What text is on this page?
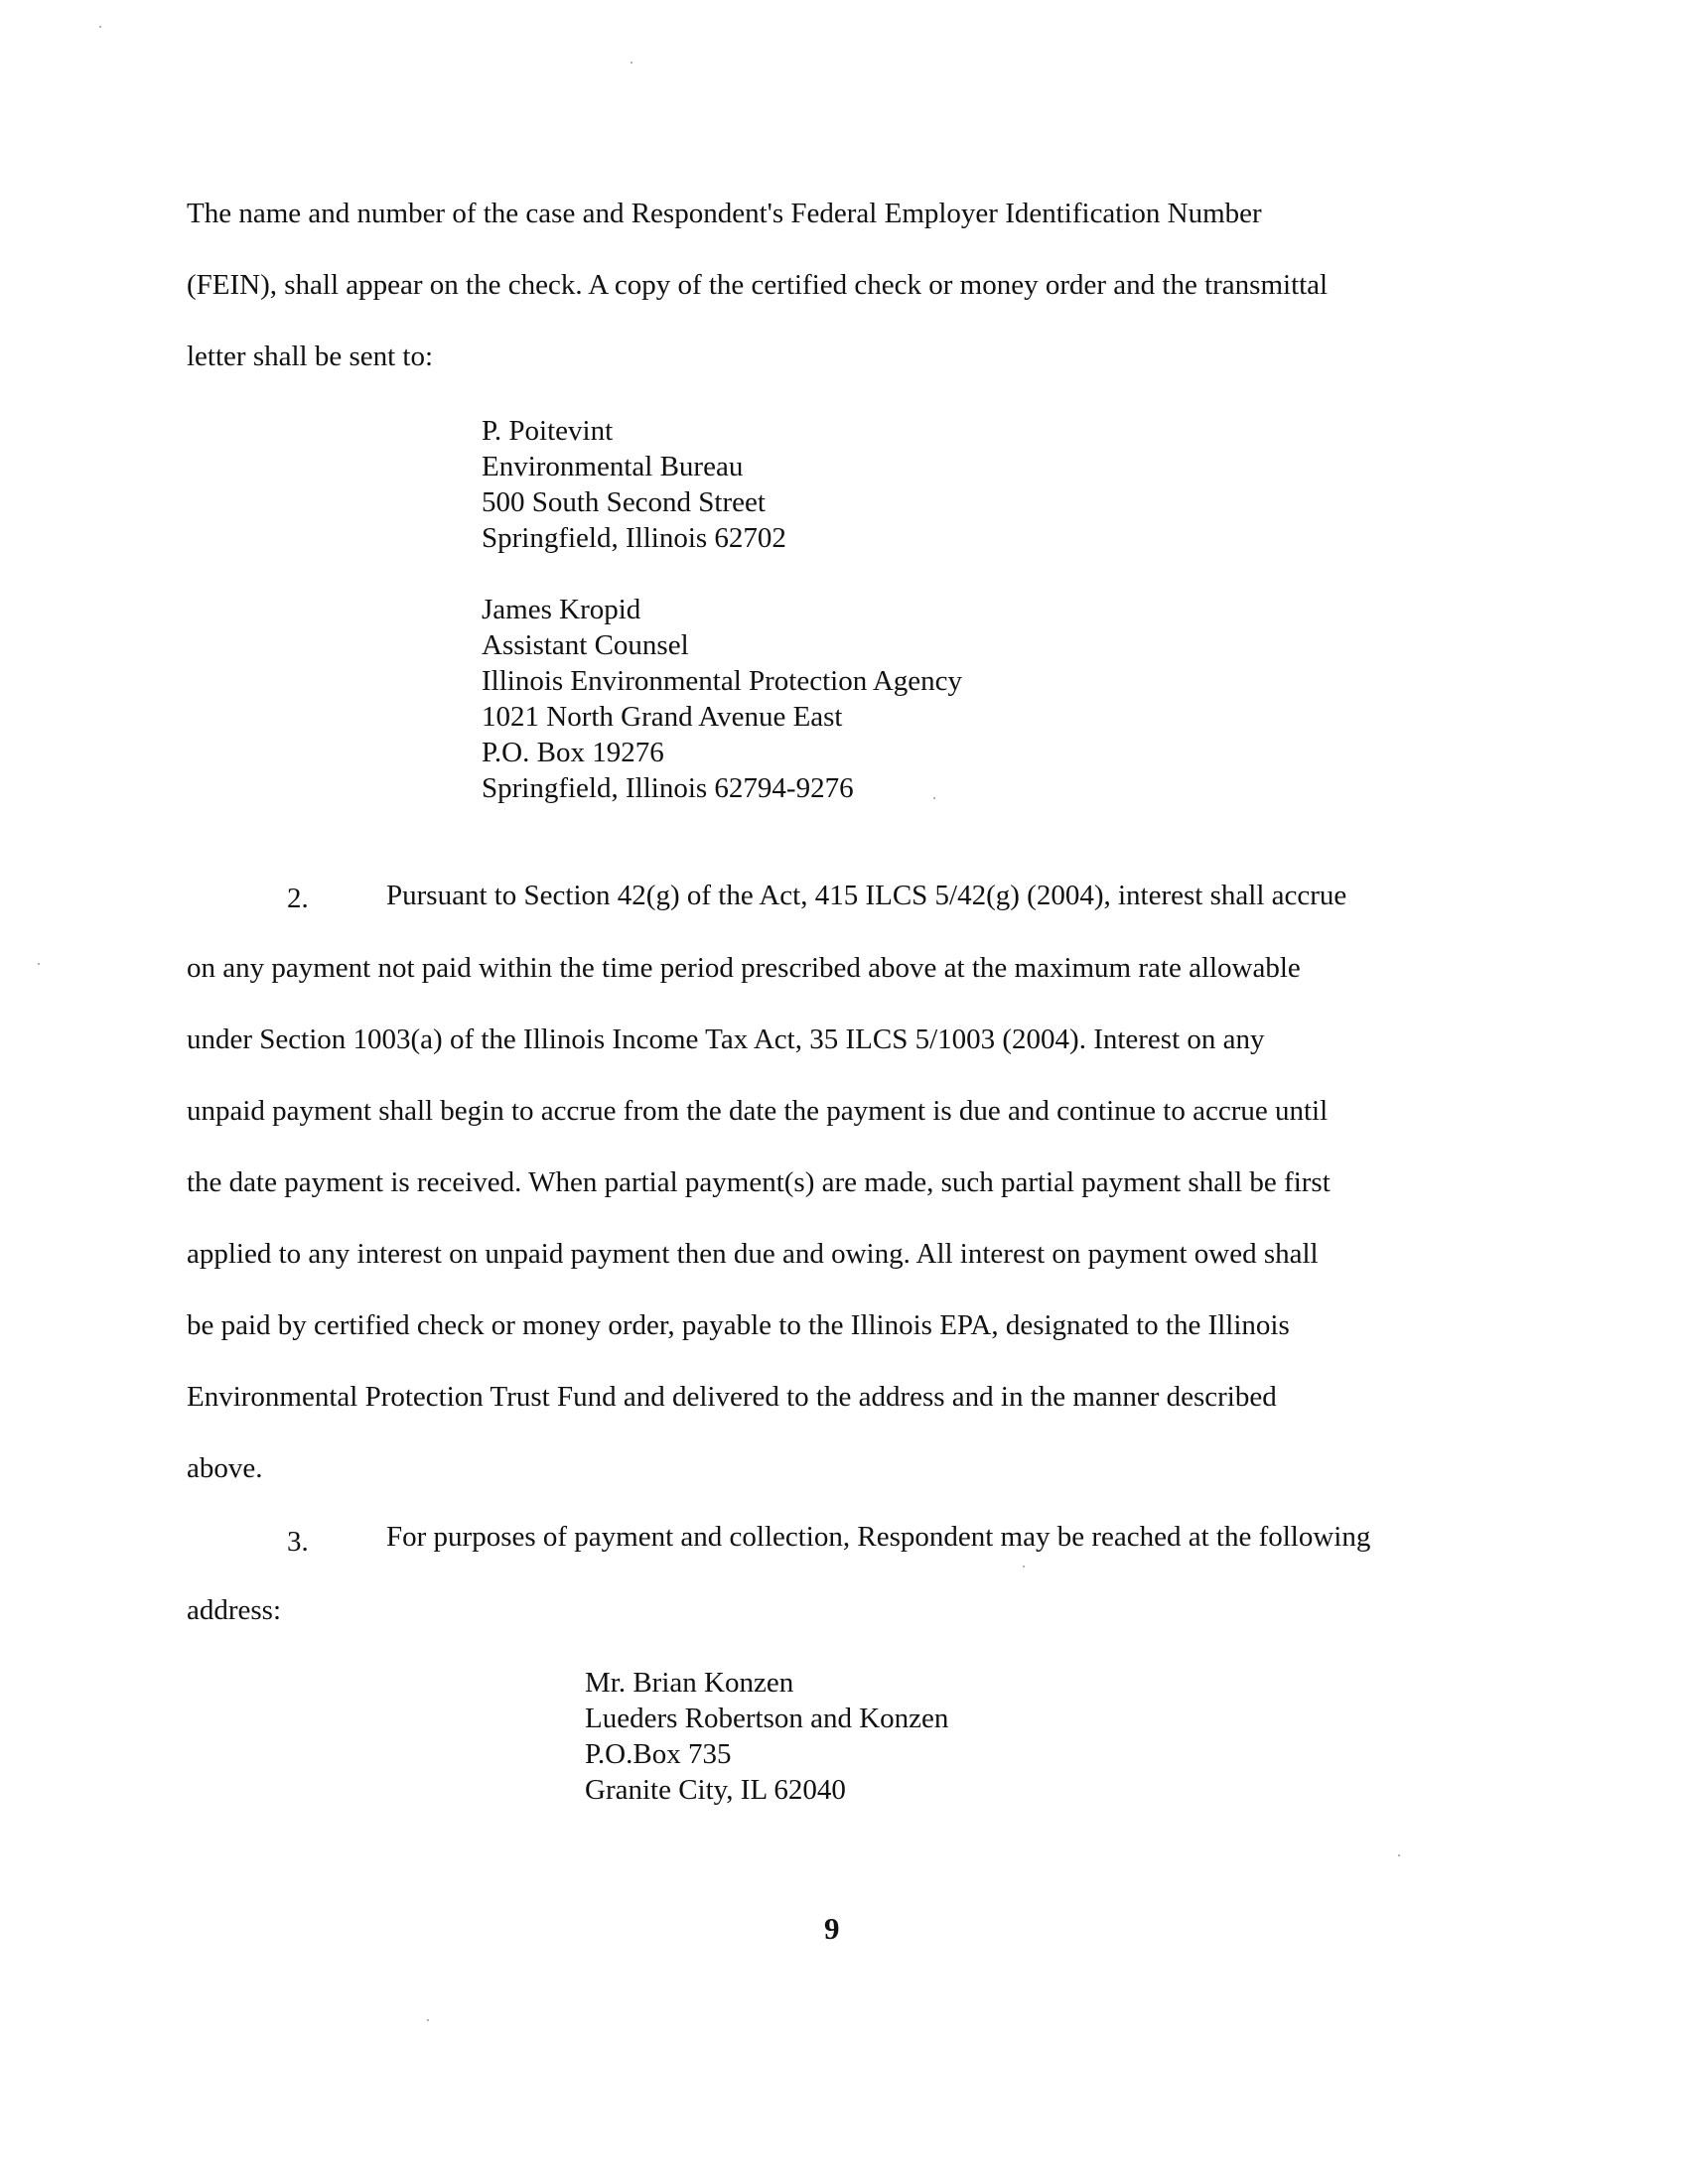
The name and number of the case and Respondent's Federal Employer Identification Number
(FEIN), shall appear on the check. A copy of the certified check or money order and the transmittal
letter shall be sent to:
P. Poitevint
Environmental Bureau
500 South Second Street
Springfield, Illinois 62702
James Kropid
Assistant Counsel
Illinois Environmental Protection Agency
1021 North Grand Avenue East
P.O. Box 19276
Springfield, Illinois 62794-9276
2.	Pursuant to Section 42(g) of the Act, 415 ILCS 5/42(g) (2004), interest shall accrue
on any payment not paid within the time period prescribed above at the maximum rate allowable
under Section 1003(a) of the Illinois Income Tax Act, 35 ILCS 5/1003 (2004). Interest on any
unpaid payment shall begin to accrue from the date the payment is due and continue to accrue until
the date payment is received. When partial payment(s) are made, such partial payment shall be first
applied to any interest on unpaid payment then due and owing. All interest on payment owed shall
be paid by certified check or money order, payable to the Illinois EPA, designated to the Illinois
Environmental Protection Trust Fund and delivered to the address and in the manner described
above.
3.	For purposes of payment and collection, Respondent may be reached at the following
address:
Mr. Brian Konzen
Lueders Robertson and Konzen
P.O.Box 735
Granite City, IL 62040
9
